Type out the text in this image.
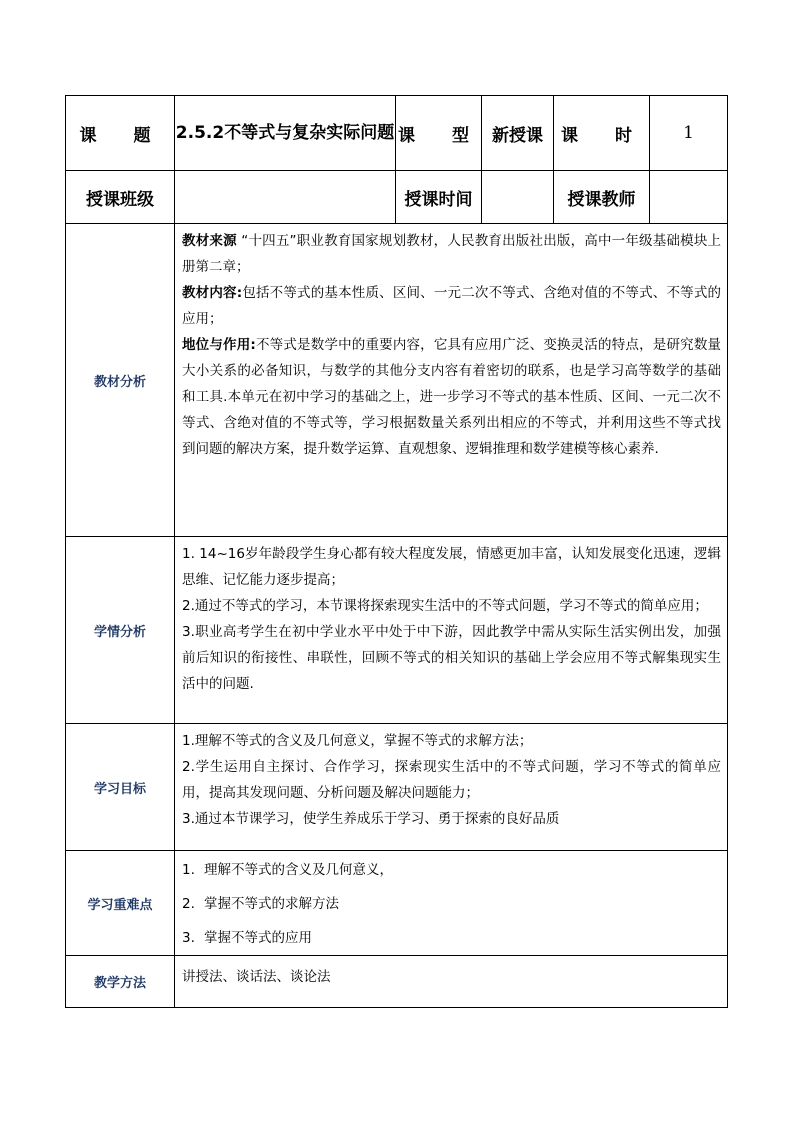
课　题	2.5.2不等式与复杂实际问题	课　型	新授课	课　时	1
授课班级		授课时间		授课教师	
教材分析	教材来源 “十四五”职业教育国家规划教材，人民教育出版社出版，高中一年级基础模块上册第二章；

教材内容:包括不等式的基本性质、区间、一元二次不等式、含绝对值的不等式、不等式的应用；

地位与作用:不等式是数学中的重要内容，它具有应用广泛、变换灵活的特点，是研究数量大小关系的必备知识，与数学的其他分支内容有着密切的联系，也是学习高等数学的基础和工具.本单元在初中学习的基础之上，进一步学习不等式的基本性质、区间、一元二次不等式、含绝对值的不等式等，学习根据数量关系列出相应的不等式，并利用这些不等式找到问题的解决方案，提升数学运算、直观想象、逻辑推理和数学建模等核心素养.				

学情分析	1. 14~16岁年龄段学生身心都有较大程度发展，情感更加丰富，认知发展变化迅速，逻辑思维、记忆能力逐步提高；

2.通过不等式的学习，本节课将探索现实生活中的不等式问题，学习不等式的简单应用；

3.职业高考学生在初中学业水平中处于中下游，因此教学中需从实际生活实例出发，加强前后知识的衔接性、串联性，回顾不等式的相关知识的基础上学会应用不等式解集现实生活中的问题.				

学习目标	1.理解不等式的含义及几何意义，掌握不等式的求解方法；

2.学生运用自主探讨、合作学习，探索现实生活中的不等式问题，学习不等式的简单应用，提高其发现问题、分析问题及解决问题能力；

3.通过本节课学习，使学生养成乐于学习、勇于探索的良好品质				

学习重难点	1. 理解不等式的含义及几何意义，
2. 掌握不等式的求解方法
3. 掌握不等式的应用				

教学方法	讲授法、谈话法、谈论法				
